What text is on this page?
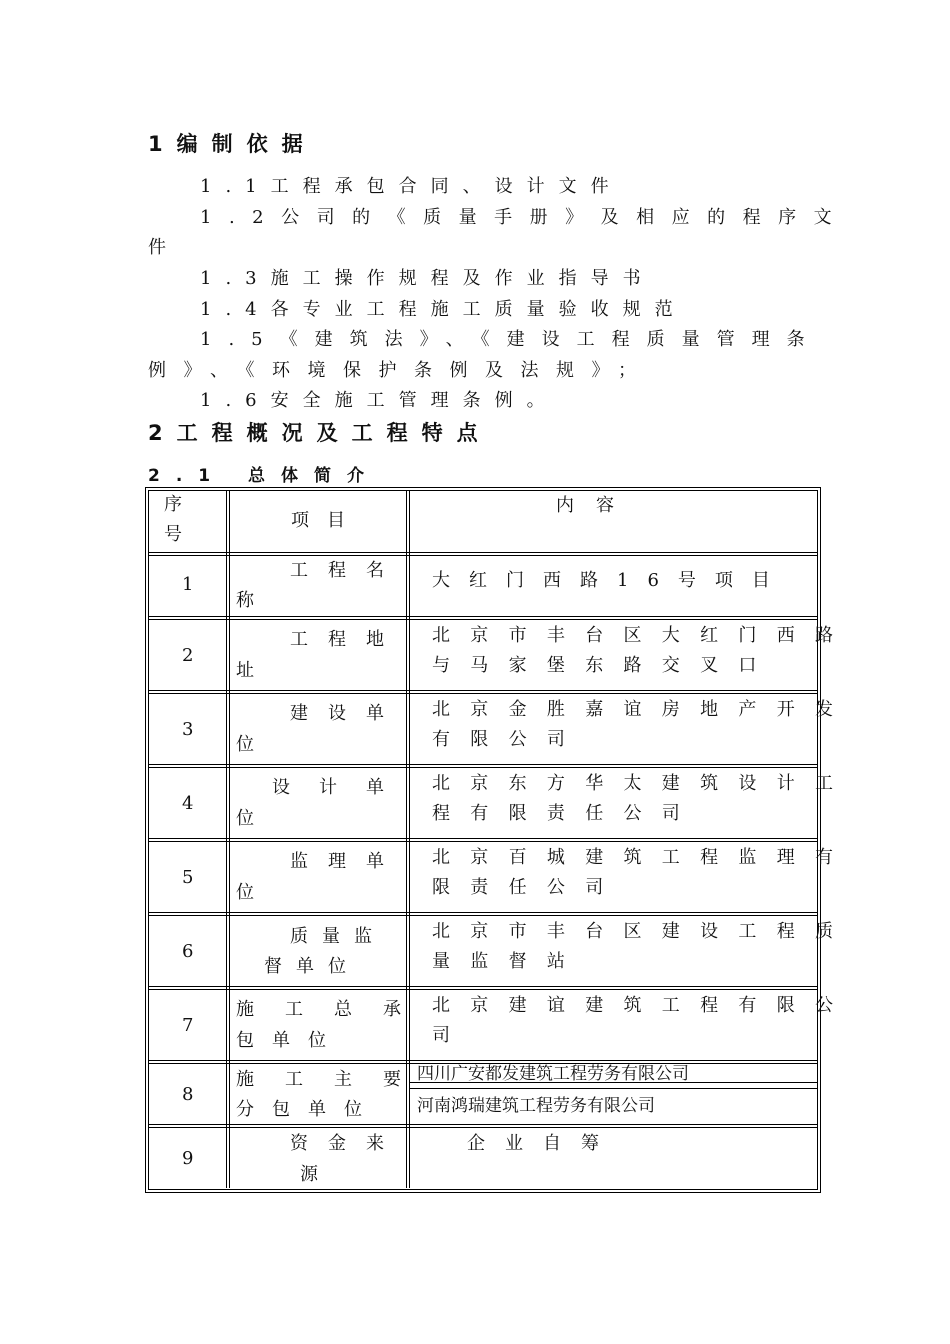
1编制依据
1.1工程承包合同、设计文件
1.2公司的《质量手册》及相应的程序文
件
1.3施工操作规程及作业指导书
1.4各专业工程施工质量验收规范
1.5《建筑法》、《建设工程质量管理条
例》、《环境保护条例及法规》；
1.6安全施工管理条例。
2工程概况及工程特点
2.1 总体简介
序
号
项目
内容
1
工程名
称
大红门西路16号项目
2
工程地
址
北京市丰台区大红门西路
与马家堡东路交叉口
3
建设单
位
北京金胜嘉谊房地产开发
有限公司
4
设计单
位
北京东方华太建筑设计工
程有限责任公司
5
监理单
位
北京百城建筑工程监理有
限责任公司
6
质量监
督单位
北京市丰台区建设工程质
量监督站
7
施工总承
包单位
北京建谊建筑工程有限公
司
8
施工主要
分包单位
四川广安都发建筑工程劳务有限公司
河南鸿瑞建筑工程劳务有限公司
9
资金来
源
企业自筹
